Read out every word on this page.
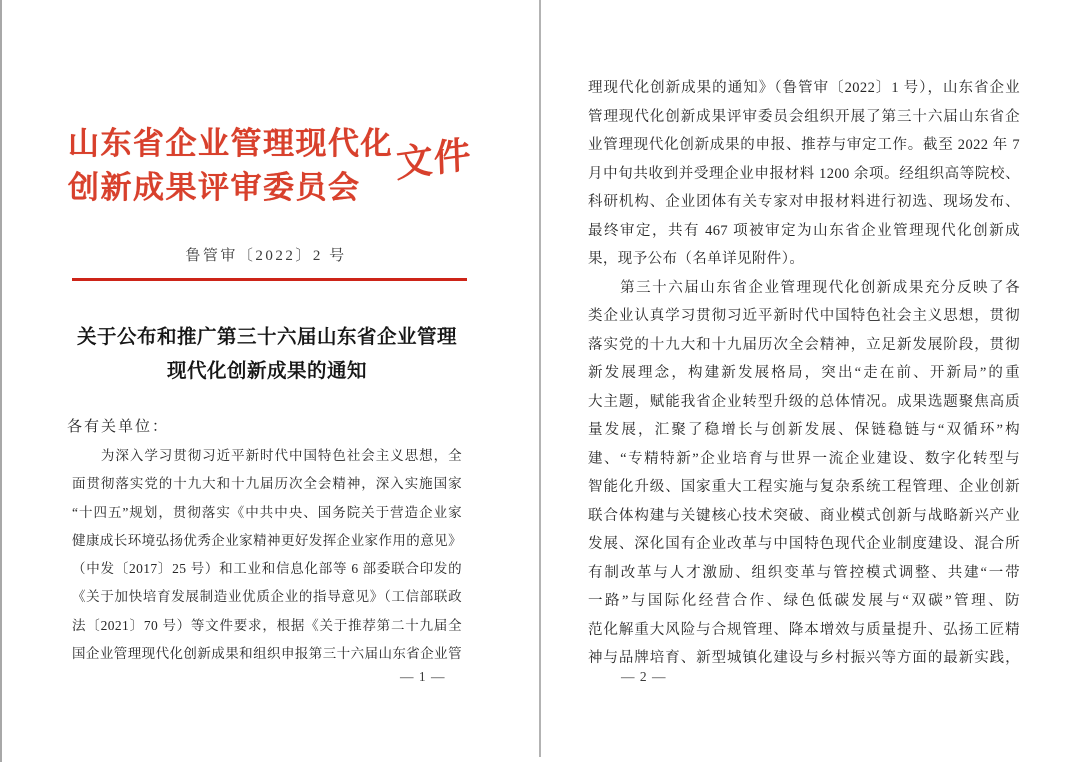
山东省企业管理现代化
创新成果评审委员会
文件
鲁管审〔2022〕2 号
关于公布和推广第三十六届山东省企业管理
现代化创新成果的通知
各有关单位：
　　为深入学习贯彻习近平新时代中国特色社会主义思想，全
面贯彻落实党的十九大和十九届历次全会精神，深入实施国家
“十四五”规划，贯彻落实《中共中央、国务院关于营造企业家
健康成长环境弘扬优秀企业家精神更好发挥企业家作用的意见》
（中发〔2017〕25 号）和工业和信息化部等 6 部委联合印发的
《关于加快培育发展制造业优质企业的指导意见》（工信部联政
法〔2021〕70 号）等文件要求，根据《关于推荐第二十九届全
国企业管理现代化创新成果和组织申报第三十六届山东省企业管
— 1 —
理现代化创新成果的通知》（鲁管审〔2022〕1 号），山东省企业
管理现代化创新成果评审委员会组织开展了第三十六届山东省企
业管理现代化创新成果的申报、推荐与审定工作。截至 2022 年 7
月中旬共收到并受理企业申报材料 1200 余项。经组织高等院校、
科研机构、企业团体有关专家对申报材料进行初选、现场发布、
最终审定，共有 467 项被审定为山东省企业管理现代化创新成
果，现予公布（名单详见附件）。
　　第三十六届山东省企业管理现代化创新成果充分反映了各
类企业认真学习贯彻习近平新时代中国特色社会主义思想，贯彻
落实党的十九大和十九届历次全会精神，立足新发展阶段，贯彻
新发展理念，构建新发展格局，突出“走在前、开新局”的重
大主题，赋能我省企业转型升级的总体情况。成果选题聚焦高质
量发展，汇聚了稳增长与创新发展、保链稳链与“双循环”构
建、“专精特新”企业培育与世界一流企业建设、数字化转型与
智能化升级、国家重大工程实施与复杂系统工程管理、企业创新
联合体构建与关键核心技术突破、商业模式创新与战略新兴产业
发展、深化国有企业改革与中国特色现代企业制度建设、混合所
有制改革与人才激励、组织变革与管控模式调整、共建“一带
一路”与国际化经营合作、绿色低碳发展与“双碳”管理、防
范化解重大风险与合规管理、降本增效与质量提升、弘扬工匠精
神与品牌培育、新型城镇化建设与乡村振兴等方面的最新实践，
— 2 —
